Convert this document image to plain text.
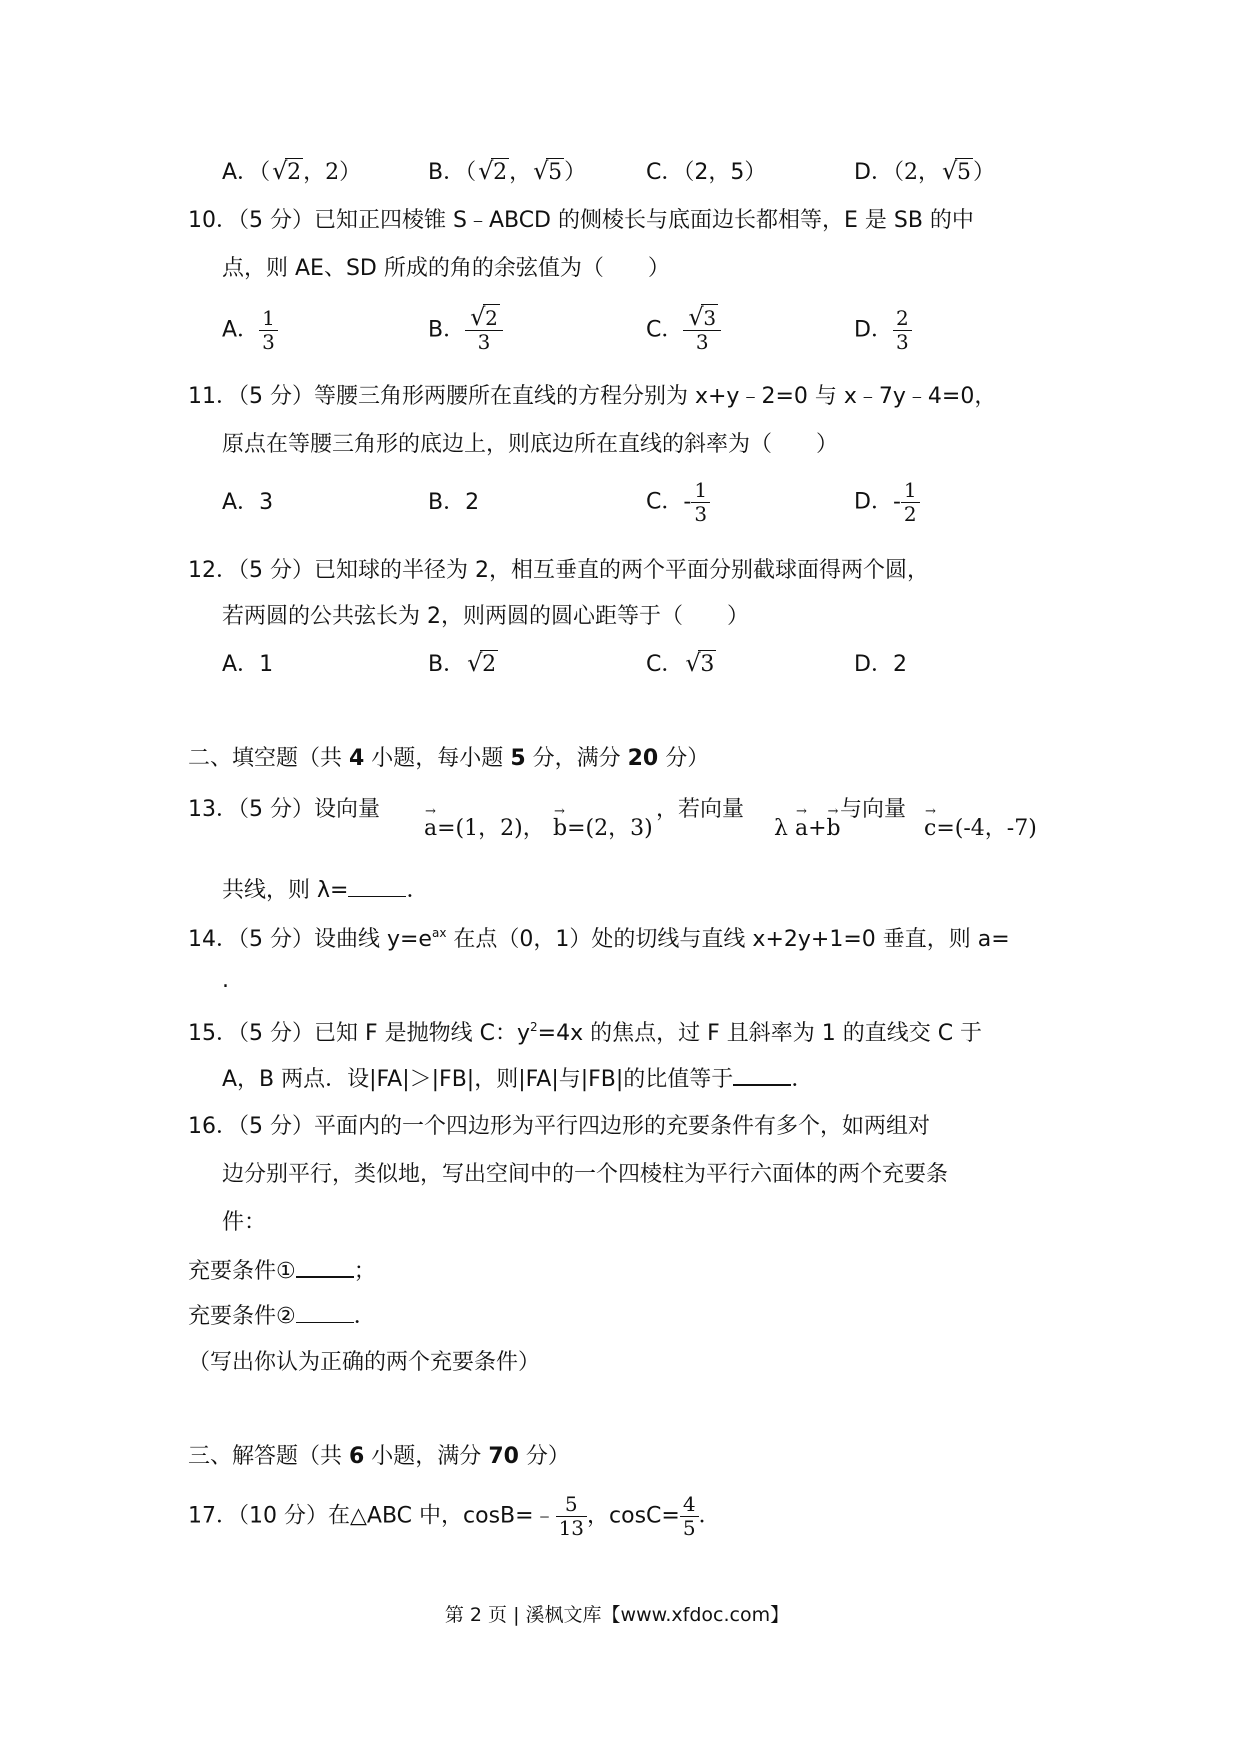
A．（ √ 2，2）	B．（ √ 2， √ 5）	C．（2，5）	D．（2， √ 5）
10．（5 分）已知正四棱锥 S﹣ABCD 的侧棱长与底面边长都相等，E 是 SB 的中
点，则 AE、SD 所成的角的余弦值为（　　）
A． $\frac{1}{3}$	B． $\frac{√ 2}{3}$	C． $\frac{√ 3}{3}$	D． $\frac{2}{3}$
11．（5 分）等腰三角形两腰所在直线的方程分别为 x+y﹣2=0 与 x﹣7y﹣4=0，
原点在等腰三角形的底边上，则底边所在直线的斜率为（　　）
A．3	B．2	C．- $\frac{1}{3}$	D．- $\frac{1}{2}$
12．（5 分）已知球的半径为 2，相互垂直的两个平面分别截球面得两个圆，
若两圆的公共弦长为 2，则两圆的圆心距等于（　　）
A．1	B． √ 2	C． √ 3	D．2
二、填空题（共 4 小题，每小题 5 分，满分 20 分）
13．（5 分）设向量
→ a=(1，2)， → b=(2，3)
，若向量
λ → a+→ b
与向量
→ c=(-4，-7)
共线，则 λ=	．
14．（5 分）设曲线 $y=e^{ax}$ 在点（0，1）处的切线与直线 x+2y+1=0 垂直，则 a=
.
15．（5 分）已知 F 是抛物线 C：$y^2=4x$ 的焦点，过 F 且斜率为 1 的直线交 C 于
A，B 两点．设|FA|＞|FB|，则|FA|与|FB|的比值等于	．
16．（5 分）平面内的一个四边形为平行四边形的充要条件有多个，如两组对
边分别平行，类似地，写出空间中的一个四棱柱为平行六面体的两个充要条
件：
充要条件①	；
充要条件②	．
（写出你认为正确的两个充要条件）
三、解答题（共 6 小题，满分 70 分）
17．（10 分）在△ABC 中，cosB=﹣ $\frac{5}{13}$ ，$\cos C= \frac{4}{5}$ ．
第 2 页 | 溪枫文库【www.xfdoc.com】
